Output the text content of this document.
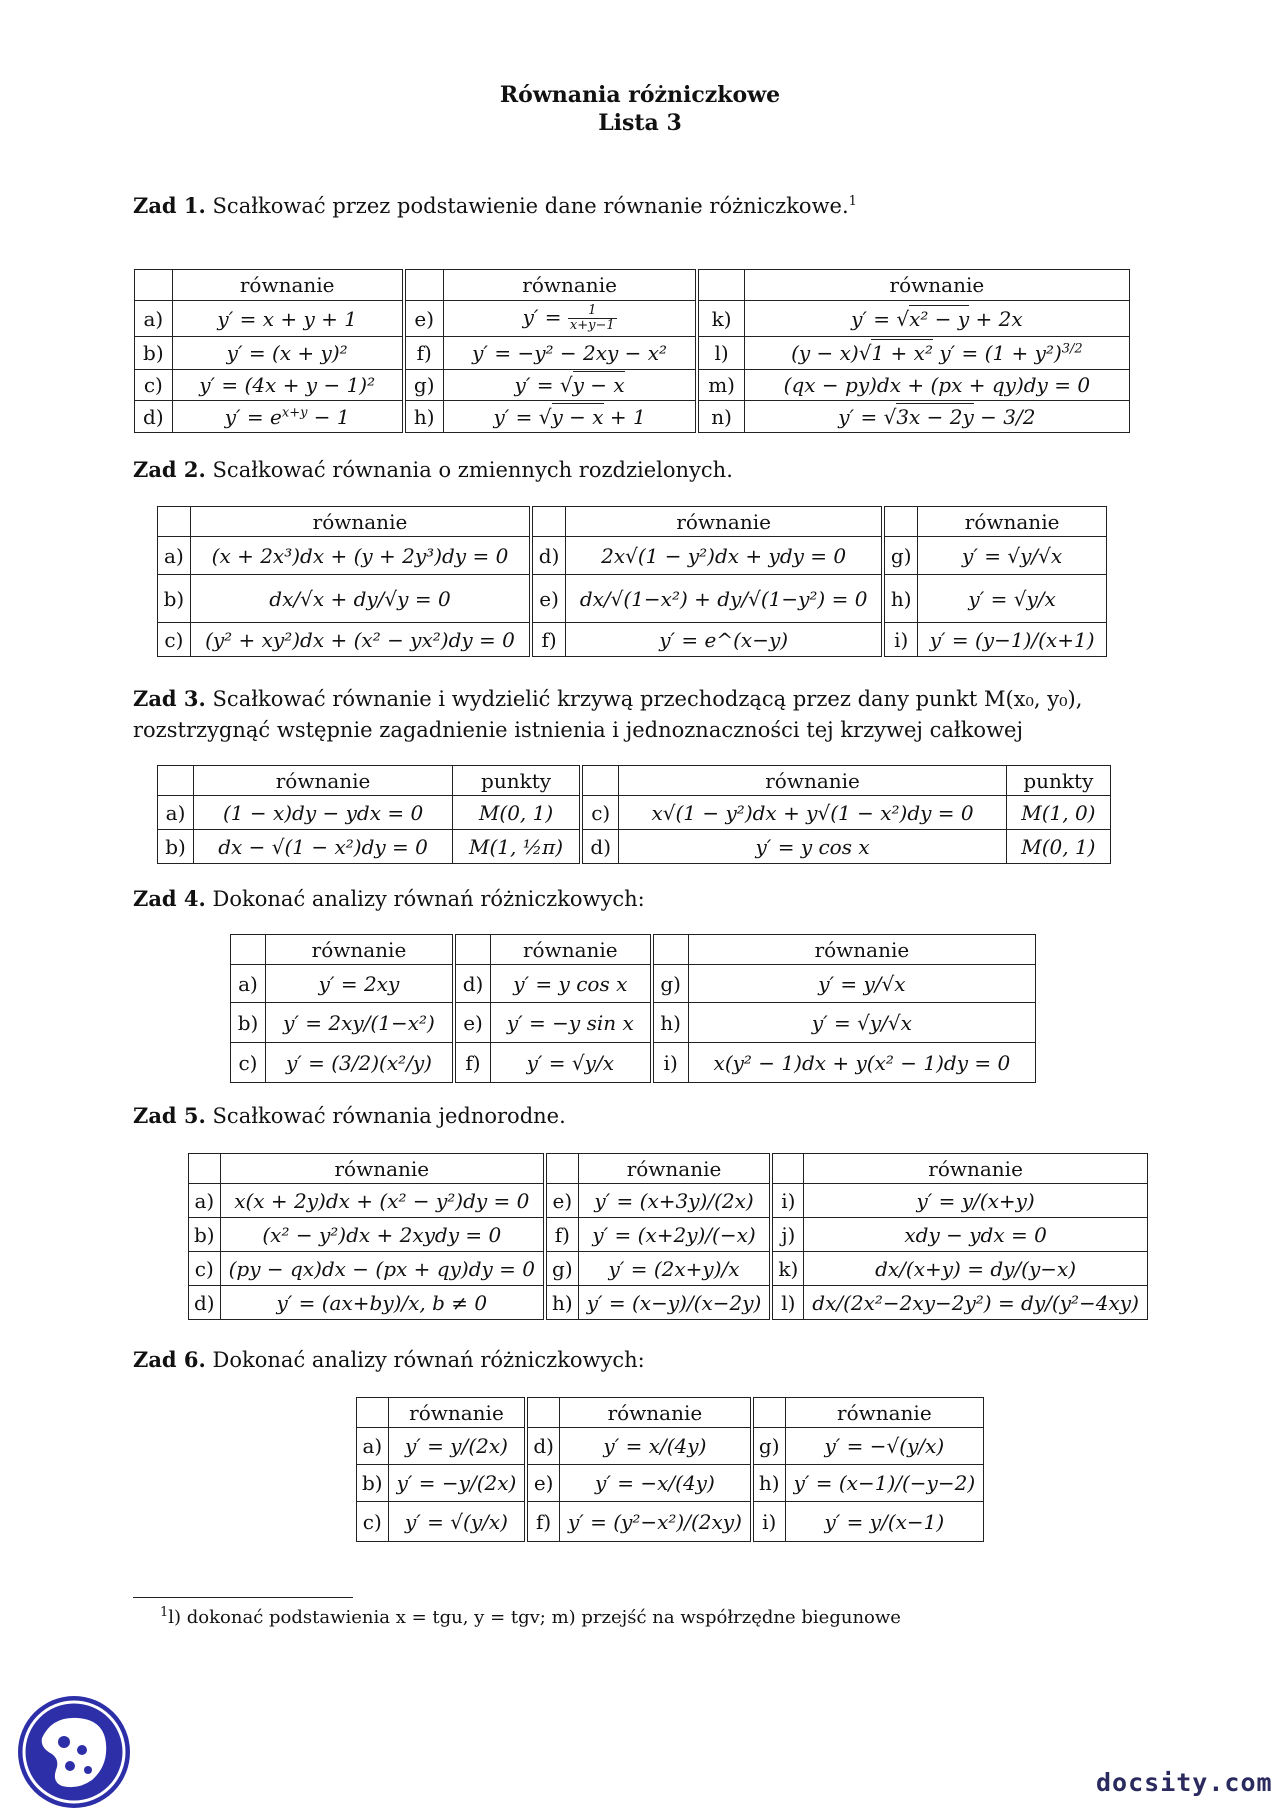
Równania różniczkowe
Lista 3
Zad 1. Scałkować przez podstawienie dane równanie różniczkowe.$^1$
	równanie		równanie		równanie
a)	y′ = x + y + 1	e)	$y' = \frac{1}{x+y-1}$	k)	y′ = √x² − y + 2x
b)	y′ = (x + y)²	f)	y′ = −y² − 2xy − x²	l)	(y − x)√1 + x² $y' = (1 + y^2)^{3/2}$
c)	y′ = (4x + y − 1)²	g)	y′ = √y − x	m)	(qx − py)dx + (px + qy)dy = 0
d)	$y' = e^{x+y} - 1$	h)	y′ = √y − x + 1	n)	y′ = √3x − 2y − 3/2
Zad 2. Scałkować równania o zmiennych rozdzielonych.
	równanie		równanie		równanie
a)	(x + 2x³)dx + (y + 2y³)dy = 0	d)	2x√(1 − y²)dx + ydy = 0	g)	y′ = √y/√x
b)	dx/√x + dy/√y = 0	e)	dx/√(1−x²) + dy/√(1−y²) = 0	h)	y′ = √y/x
c)	(y² + xy²)dx + (x² − yx²)dy = 0	f)	y′ = e^(x−y)	i)	y′ = (y−1)/(x+1)
Zad 3. Scałkować równanie i wydzielić krzywą przechodzącą przez dany punkt M(x₀, y₀),
rozstrzygnąć wstępnie zagadnienie istnienia i jednoznaczności tej krzywej całkowej
	równanie	punkty		równanie	punkty
a)	(1 − x)dy − ydx = 0	M(0, 1)	c)	x√(1 − y²)dx + y√(1 − x²)dy = 0	M(1, 0)
b)	dx − √(1 − x²)dy = 0	M(1, ½π)	d)	y′ = y cos x	M(0, 1)
Zad 4. Dokonać analizy równań różniczkowych:
	równanie		równanie		równanie
a)	y′ = 2xy	d)	y′ = y cos x	g)	y′ = y/√x
b)	y′ = 2xy/(1−x²)	e)	y′ = −y sin x	h)	y′ = √y/√x
c)	y′ = (3/2)(x²/y)	f)	y′ = √y/x	i)	x(y² − 1)dx + y(x² − 1)dy = 0
Zad 5. Scałkować równania jednorodne.
	równanie		równanie		równanie
a)	x(x + 2y)dx + (x² − y²)dy = 0	e)	y′ = (x+3y)/(2x)	i)	y′ = y/(x+y)
b)	(x² − y²)dx + 2xydy = 0	f)	y′ = (x+2y)/(−x)	j)	xdy − ydx = 0
c)	(py − qx)dx − (px + qy)dy = 0	g)	y′ = (2x+y)/x	k)	dx/(x+y) = dy/(y−x)
d)	y′ = (ax+by)/x, b ≠ 0	h)	y′ = (x−y)/(x−2y)	l)	dx/(2x²−2xy−2y²) = dy/(y²−4xy)
Zad 6. Dokonać analizy równań różniczkowych:
	równanie		równanie		równanie
a)	y′ = y/(2x)	d)	y′ = x/(4y)	g)	y′ = −√(y/x)
b)	y′ = −y/(2x)	e)	y′ = −x/(4y)	h)	y′ = (x−1)/(−y−2)
c)	y′ = √(y/x)	f)	y′ = (y²−x²)/(2xy)	i)	y′ = y/(x−1)
$^1$l) dokonać podstawienia x = tgu, y = tgv; m) przejść na współrzędne biegunowe
docsity.com
